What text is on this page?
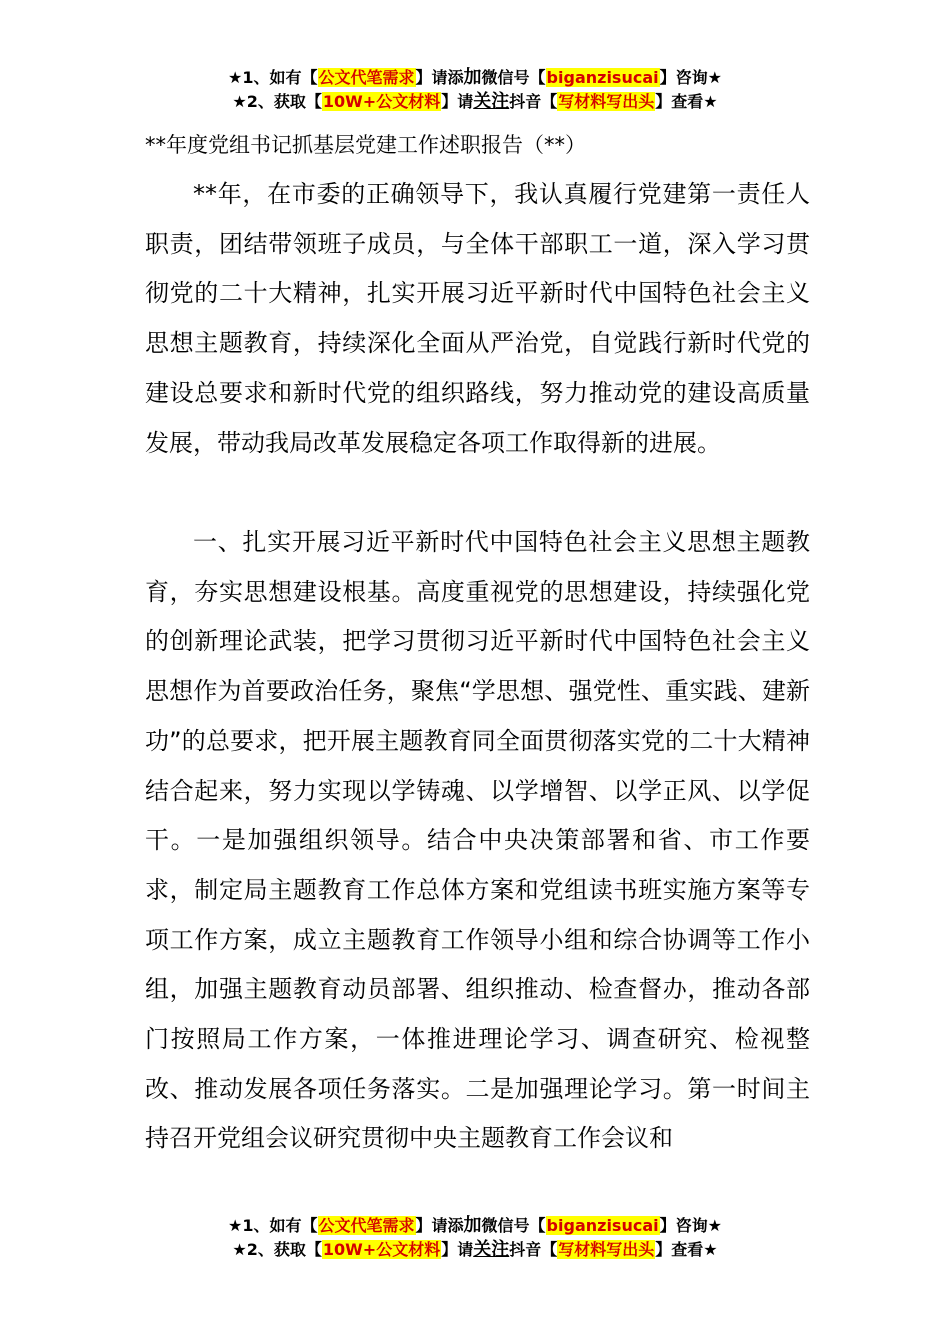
★1、如有【公文代笔需求】请添加微信号【biganzisucai】咨询★
★2、获取【10W+公文材料】请关注抖音【写材料写出头】查看★
**年度党组书记抓基层党建工作述职报告（**）

**年，在市委的正确领导下，我认真履行党建第一责任人职责，团结带领班子成员，与全体干部职工一道，深入学习贯彻党的二十大精神，扎实开展习近平新时代中国特色社会主义思想主题教育，持续深化全面从严治党，自觉践行新时代党的建设总要求和新时代党的组织路线，努力推动党的建设高质量发展，带动我局改革发展稳定各项工作取得新的进展。

一、扎实开展习近平新时代中国特色社会主义思想主题教育，夯实思想建设根基。高度重视党的思想建设，持续强化党的创新理论武装，把学习贯彻习近平新时代中国特色社会主义思想作为首要政治任务，聚焦“学思想、强党性、重实践、建新功”的总要求，把开展主题教育同全面贯彻落实党的二十大精神结合起来，努力实现以学铸魂、以学增智、以学正风、以学促干。一是加强组织领导。结合中央决策部署和省、市工作要求，制定局主题教育工作总体方案和党组读书班实施方案等专项工作方案，成立主题教育工作领导小组和综合协调等工作小组，加强主题教育动员部署、组织推动、检查督办，推动各部门按照局工作方案，一体推进理论学习、调查研究、检视整改、推动发展各项任务落实。二是加强理论学习。第一时间主持召开党组会议研究贯彻中央主题教育工作会议和

★1、如有【公文代笔需求】请添加微信号【biganzisucai】咨询★
★2、获取【10W+公文材料】请关注抖音【写材料写出头】查看★
